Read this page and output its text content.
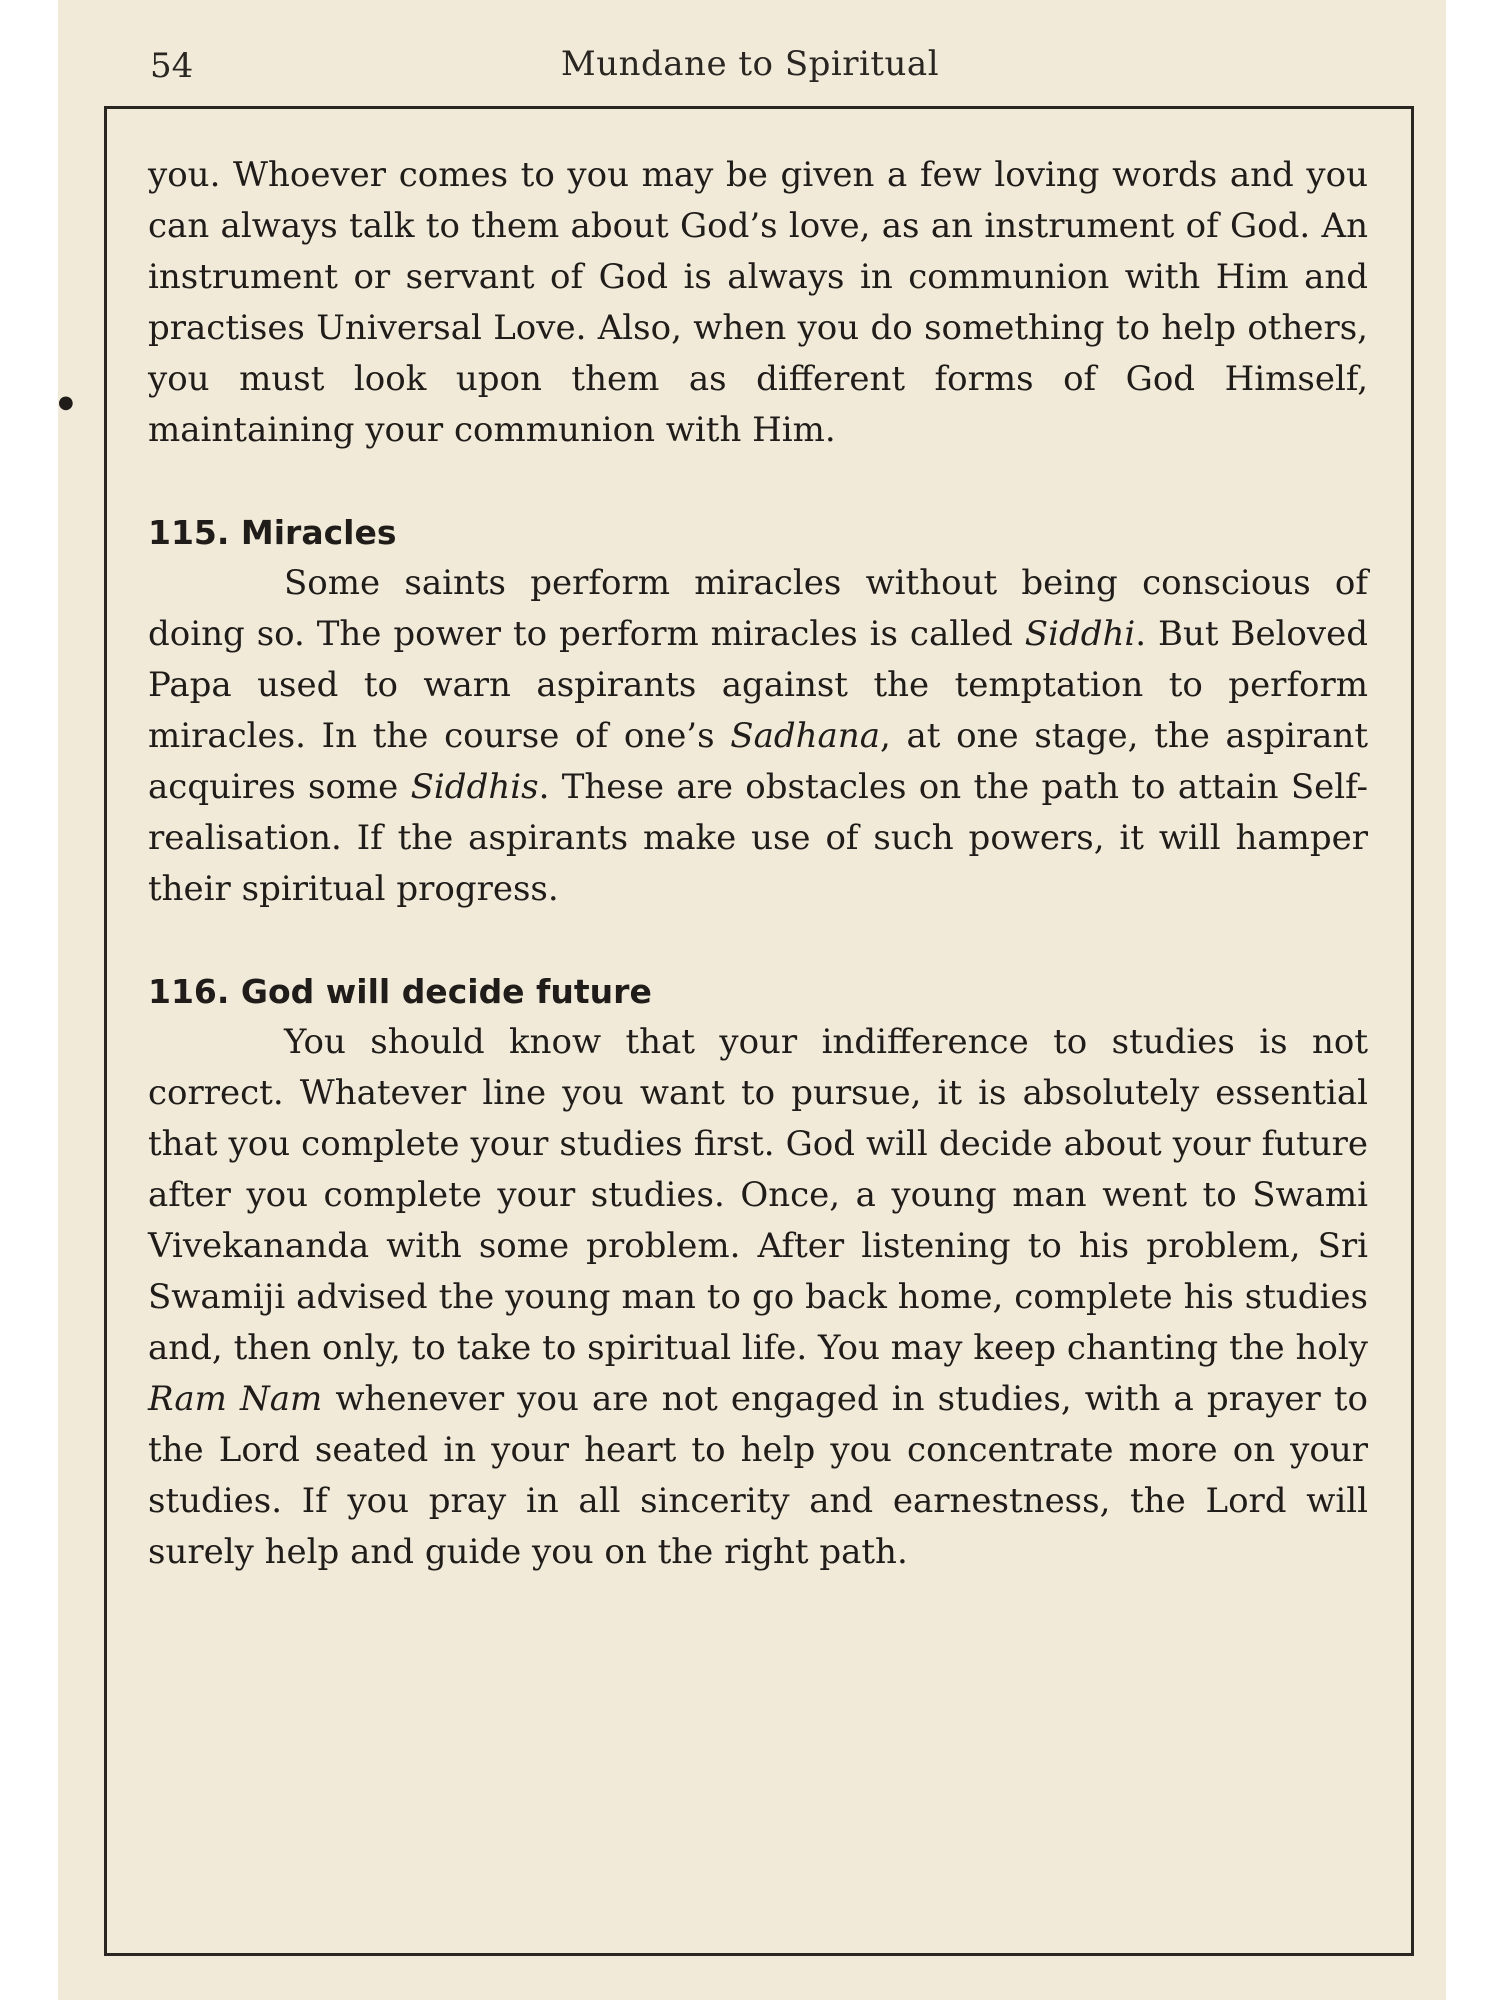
54	Mundane to Spiritual
●

you. Whoever comes to you may be given a few loving words and you can always talk to them about God’s love, as an instrument of God. An instrument or servant of God is always in communion with Him and practises Universal Love. Also, when you do something to help others, you must look upon them as different forms of God Himself, maintaining your communion with Him.

115. Miracles

Some saints perform miracles without being conscious of doing so. The power to perform miracles is called Siddhi. But Beloved Papa used to warn aspirants against the temptation to perform miracles. In the course of one’s Sadhana, at one stage, the aspirant acquires some Siddhis. These are obstacles on the path to attain Self-realisation. If the aspirants make use of such powers, it will hamper their spiritual progress.

116. God will decide future

You should know that your indifference to studies is not correct. Whatever line you want to pursue, it is absolutely essential that you complete your studies first. God will decide about your future after you complete your studies. Once, a young man went to Swami Vivekananda with some problem. After listening to his problem, Sri Swamiji advised the young man to go back home, complete his studies and, then only, to take to spiritual life. You may keep chanting the holy Ram Nam whenever you are not engaged in studies, with a prayer to the Lord seated in your heart to help you concentrate more on your studies. If you pray in all sincerity and earnestness, the Lord will surely help and guide you on the right path.
